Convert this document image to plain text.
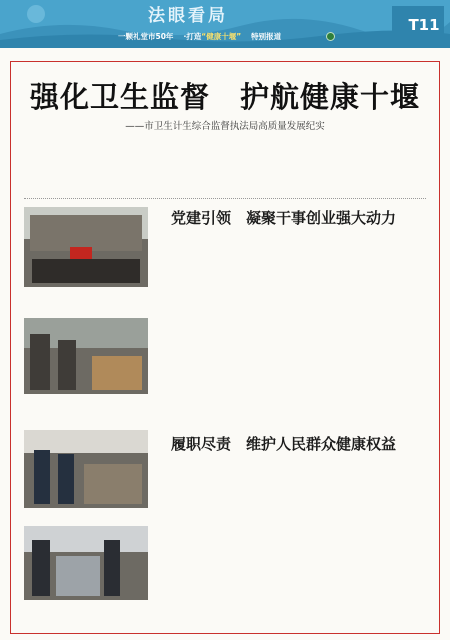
法眼看局
一颗礼堂市50年 ·打造“健康十堰” 特别报道
T11
强化卫生监督　护航健康十堰
——市卫生计生综合监督执法局高质量发展纪实
党建引领 凝聚干事创业强大动力
履职尽责 维护人民群众健康权益
